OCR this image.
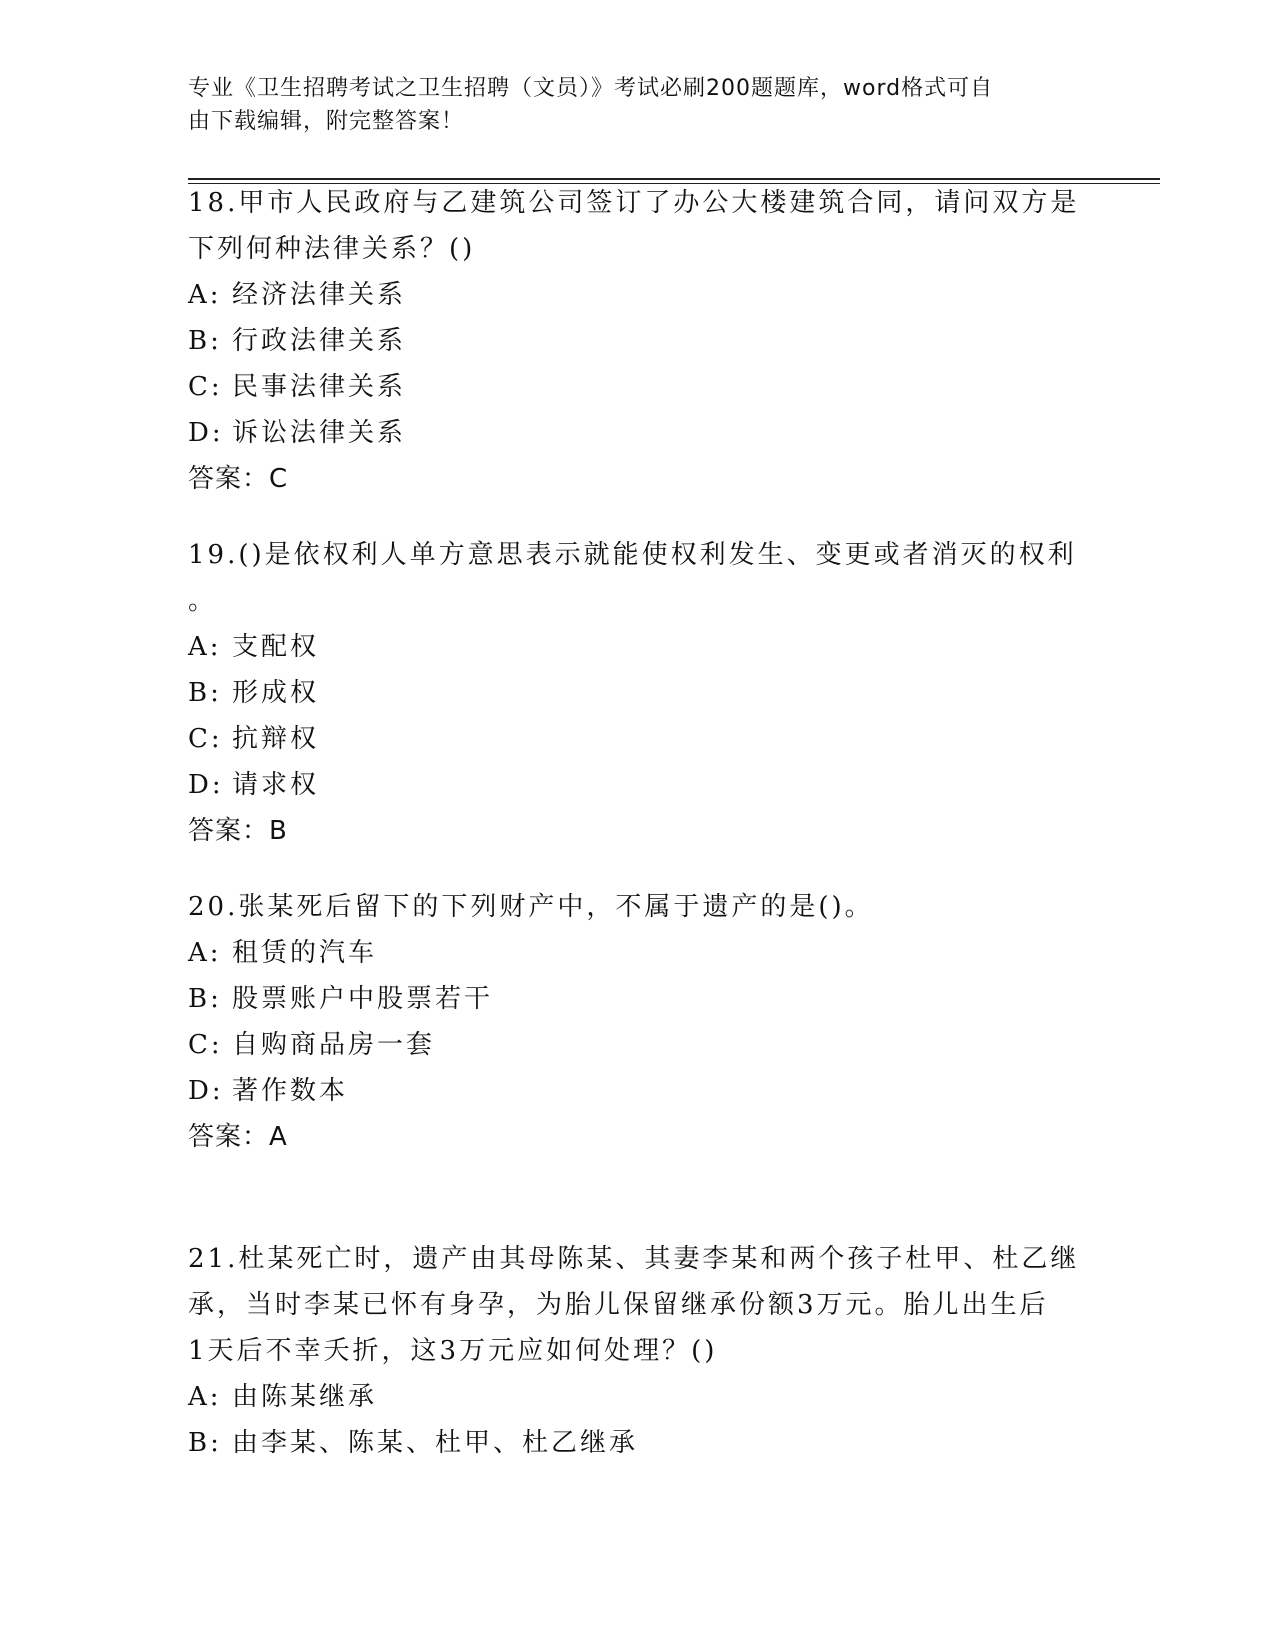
专业《卫生招聘考试之卫生招聘（文员）》考试必刷200题题库，word格式可自
由下载编辑，附完整答案！
18.甲市人民政府与乙建筑公司签订了办公大楼建筑合同，请问双方是
下列何种法律关系？()
A: 经济法律关系
B: 行政法律关系
C: 民事法律关系
D: 诉讼法律关系
答案：C
19.()是依权利人单方意思表示就能使权利发生、变更或者消灭的权利
。
A: 支配权
B: 形成权
C: 抗辩权
D: 请求权
答案：B
20.张某死后留下的下列财产中，不属于遗产的是()。
A: 租赁的汽车
B: 股票账户中股票若干
C: 自购商品房一套
D: 著作数本
答案：A
21.杜某死亡时，遗产由其母陈某、其妻李某和两个孩子杜甲、杜乙继
承，当时李某已怀有身孕，为胎儿保留继承份额3万元。胎儿出生后
1天后不幸夭折，这3万元应如何处理？()
A: 由陈某继承
B: 由李某、陈某、杜甲、杜乙继承
